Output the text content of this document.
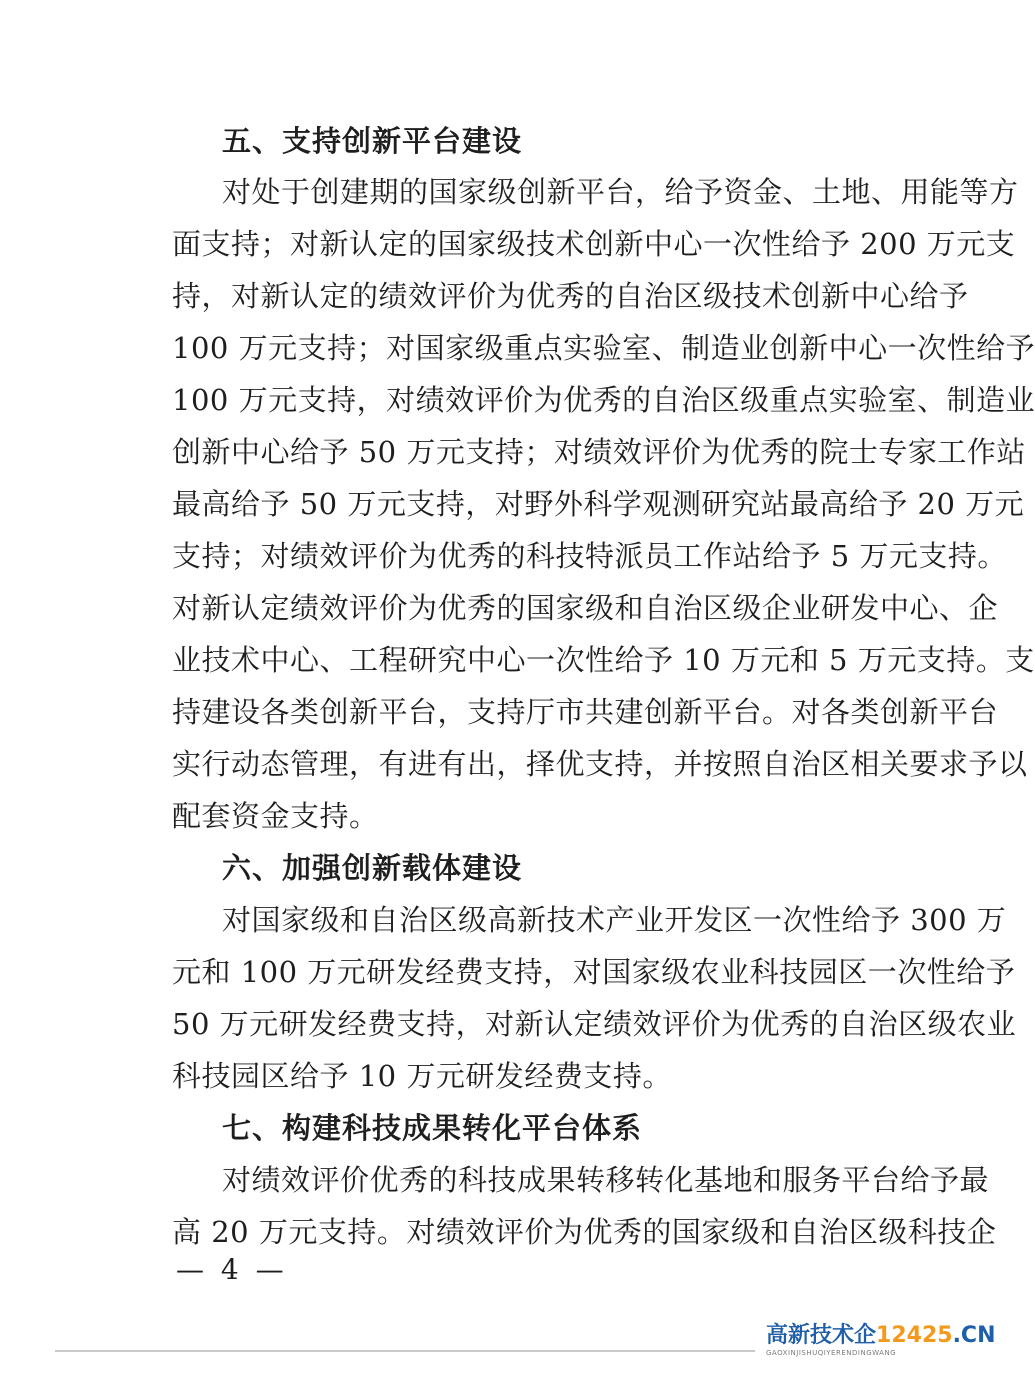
五、支持创新平台建设
对处于创建期的国家级创新平台，给予资金、土地、用能等方
面支持；对新认定的国家级技术创新中心一次性给予 200 万元支
持，对新认定的绩效评价为优秀的自治区级技术创新中心给予
100 万元支持；对国家级重点实验室、制造业创新中心一次性给予
100 万元支持，对绩效评价为优秀的自治区级重点实验室、制造业
创新中心给予 50 万元支持；对绩效评价为优秀的院士专家工作站
最高给予 50 万元支持，对野外科学观测研究站最高给予 20 万元
支持；对绩效评价为优秀的科技特派员工作站给予 5 万元支持。
对新认定绩效评价为优秀的国家级和自治区级企业研发中心、企
业技术中心、工程研究中心一次性给予 10 万元和 5 万元支持。支
持建设各类创新平台，支持厅市共建创新平台。对各类创新平台
实行动态管理，有进有出，择优支持，并按照自治区相关要求予以
配套资金支持。
六、加强创新载体建设
对国家级和自治区级高新技术产业开发区一次性给予 300 万
元和 100 万元研发经费支持，对国家级农业科技园区一次性给予
50 万元研发经费支持，对新认定绩效评价为优秀的自治区级农业
科技园区给予 10 万元研发经费支持。
七、构建科技成果转化平台体系
对绩效评价优秀的科技成果转移转化基地和服务平台给予最
高 20 万元支持。对绩效评价为优秀的国家级和自治区级科技企
— 4 —
高新技术企12425.CN
GAOXINJISHUQIYERENDINGWANG
